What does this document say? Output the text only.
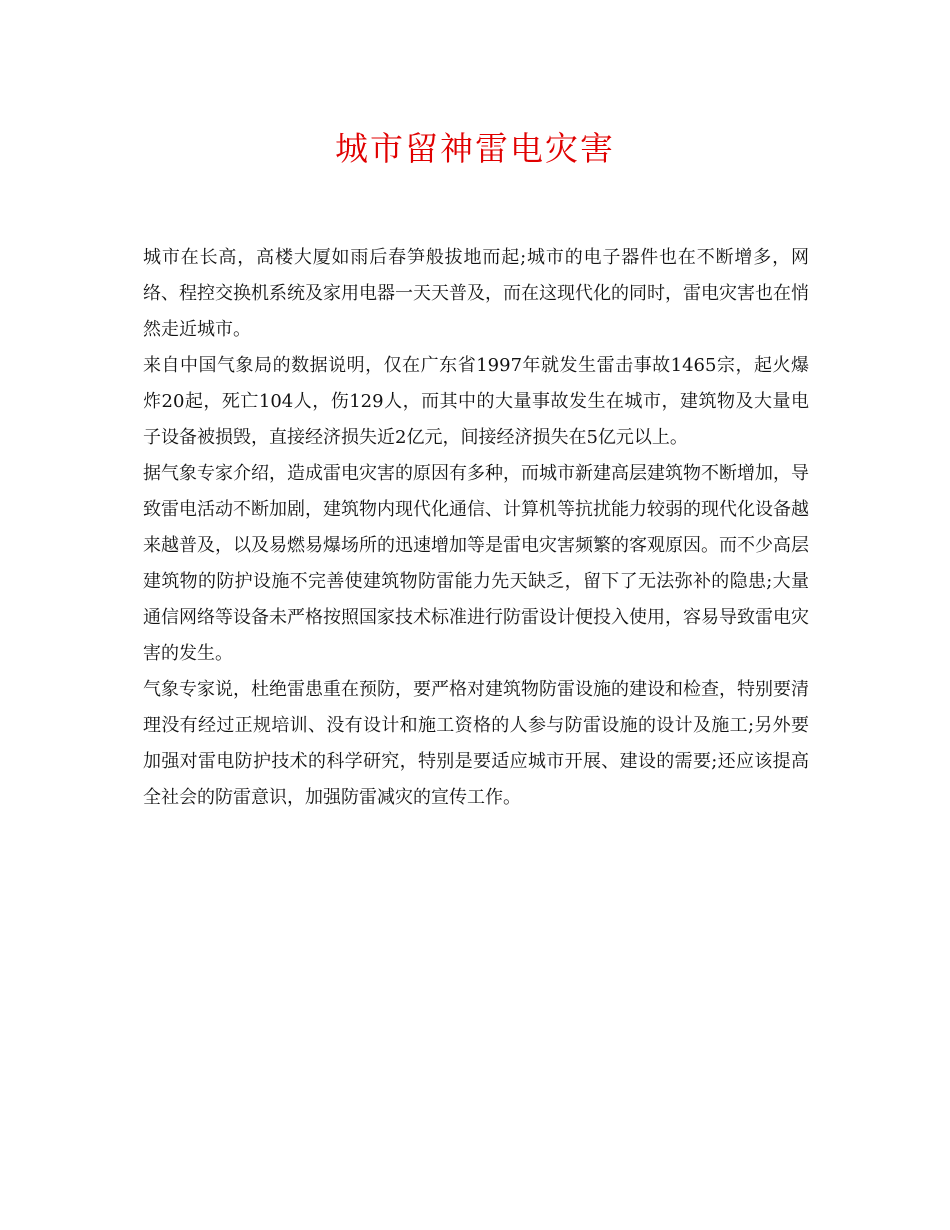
城市留神雷电灾害

城市在长高，高楼大厦如雨后春笋般拔地而起;城市的电子器件也在不断增多，网络、程控交换机系统及家用电器一天天普及，而在这现代化的同时，雷电灾害也在悄然走近城市。

来自中国气象局的数据说明，仅在广东省1997年就发生雷击事故1465宗，起火爆炸20起，死亡104人，伤129人，而其中的大量事故发生在城市，建筑物及大量电子设备被损毁，直接经济损失近2亿元，间接经济损失在5亿元以上。

据气象专家介绍，造成雷电灾害的原因有多种，而城市新建高层建筑物不断增加，导致雷电活动不断加剧，建筑物内现代化通信、计算机等抗扰能力较弱的现代化设备越来越普及，以及易燃易爆场所的迅速增加等是雷电灾害频繁的客观原因。而不少高层建筑物的防护设施不完善使建筑物防雷能力先天缺乏，留下了无法弥补的隐患;大量通信网络等设备未严格按照国家技术标准进行防雷设计便投入使用，容易导致雷电灾害的发生。

气象专家说，杜绝雷患重在预防，要严格对建筑物防雷设施的建设和检查，特别要清理没有经过正规培训、没有设计和施工资格的人参与防雷设施的设计及施工;另外要加强对雷电防护技术的科学研究，特别是要适应城市开展、建设的需要;还应该提高全社会的防雷意识，加强防雷减灾的宣传工作。
